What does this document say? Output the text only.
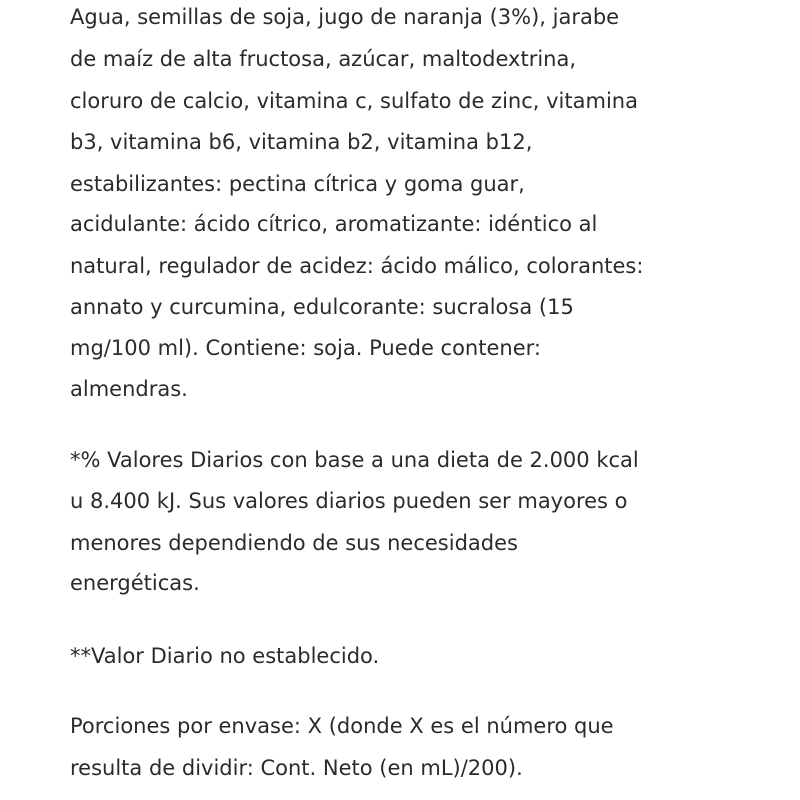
Agua, semillas de soja, jugo de naranja (3%), jarabe
de maíz de alta fructosa, azúcar, maltodextrina,
cloruro de calcio, vitamina c, sulfato de zinc, vitamina
b3, vitamina b6, vitamina b2, vitamina b12,
estabilizantes: pectina cítrica y goma guar,
acidulante: ácido cítrico, aromatizante: idéntico al
natural, regulador de acidez: ácido málico, colorantes:
annato y curcumina, edulcorante: sucralosa (15
mg/100 ml). Contiene: soja. Puede contener:
almendras.
*% Valores Diarios con base a una dieta de 2.000 kcal
u 8.400 kJ. Sus valores diarios pueden ser mayores o
menores dependiendo de sus necesidades
energéticas.
**Valor Diario no establecido.
Porciones por envase: X (donde X es el número que
resulta de dividir: Cont. Neto (en mL)/200).
